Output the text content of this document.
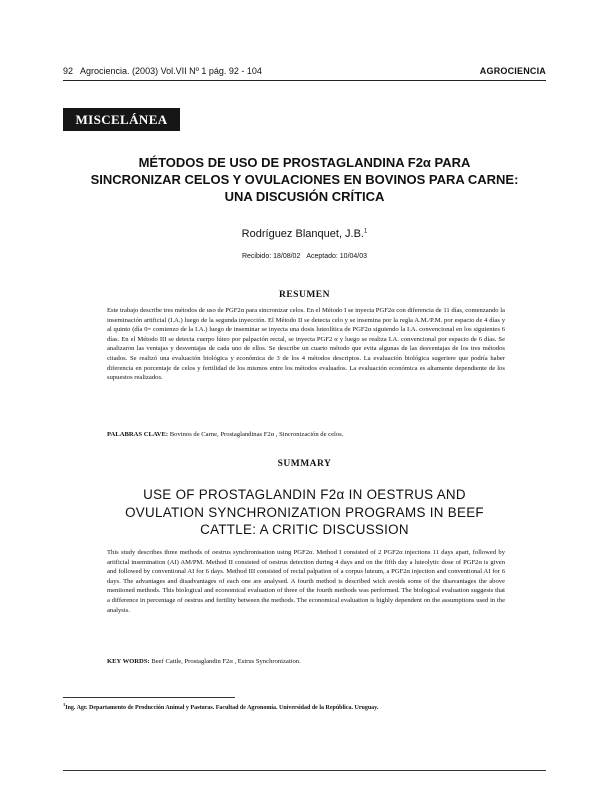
92 Agrociencia. (2003) Vol.VII Nº 1 pág. 92 - 104	AGROCIENCIA
MISCELÁNEA
MÉTODOS DE USO DE PROSTAGLANDINA F2α PARA
SINCRONIZAR CELOS Y OVULACIONES EN BOVINOS PARA CARNE:
UNA DISCUSIÓN CRÍTICA
Rodríguez Blanquet, J.B.$^1$
Recibido: 18/08/02 Aceptado: 10/04/03
RESUMEN
Este trabajo describe tres métodos de uso de PGF2α para sincronizar celos. En el Método I se inyecta PGF2α con diferencia de 11 días, comenzando la inseminación artificial (I.A.) luego de la segunda inyección. El Método II se detecta celo y se insemina por la regla A.M./P.M. por espacio de 4 días y al quinto (día 0= comienzo de la I.A.) luego de inseminar se inyecta una dosis luteolítica de PGF2α siguiendo la I.A. convencional en los siguientes 6 días. En el Método III se detecta cuerpo lúteo por palpación rectal, se inyecta PGF2 α y luego se realiza I.A. convencional por espacio de 6 días. Se analizaron las ventajas y desventajas de cada uno de ellos. Se describe un cuarto método que evita algunas de las desventajas de los tres métodos citados. Se realizó una evaluación biológica y económica de 3 de los 4 métodos descriptos. La evaluación biológica sugeriere que podría haber diferencia en porcentaje de celos y fertilidad de los mismos entre los métodos evaluados. La evaluación económica es altamente dependiente de los supuestos realizados.
PALABRAS CLAVE: Bovinos de Carne, Prostaglandinas F2α , Sincronización de celos.
SUMMARY
USE OF PROSTAGLANDIN F2α IN OESTRUS AND
OVULATION SYNCHRONIZATION PROGRAMS IN BEEF
CATTLE: A CRITIC DISCUSSION
This study describes three methods of oestrus synchronisation using PGF2α. Method I consisted of 2 PGF2α injections 11 days apart, followed by artificial insemination (AI) AM/PM. Method II consisted of oestrus detection during 4 days and on the fifth day a luteolytic dose of PGF2α is given and followed by conventional AI for 6 days. Method III consisted of rectal palpation of a corpus luteum, a PGF2α injection and conventional AI for 6 days. The advantages and disadvantages of each one are analysed. A fourth method is described wich avoids some of the disavantages the above mentioned methods. This biological and economical evaluation of three of the fourth methods was performed. The biological evaluation suggests that a difference in percentage of oestrus and fertility between the methods. The economical evaluation is highly dependent on the assumptions used in the analysis.
KEY WORDS: Beef Cattle, Prostaglandin F2α , Estrus Synchronization.
$^1$Ing. Agr. Departamento de Producción Animal y Pasturas. Facultad de Agronomía. Universidad de la República. Uruguay.
